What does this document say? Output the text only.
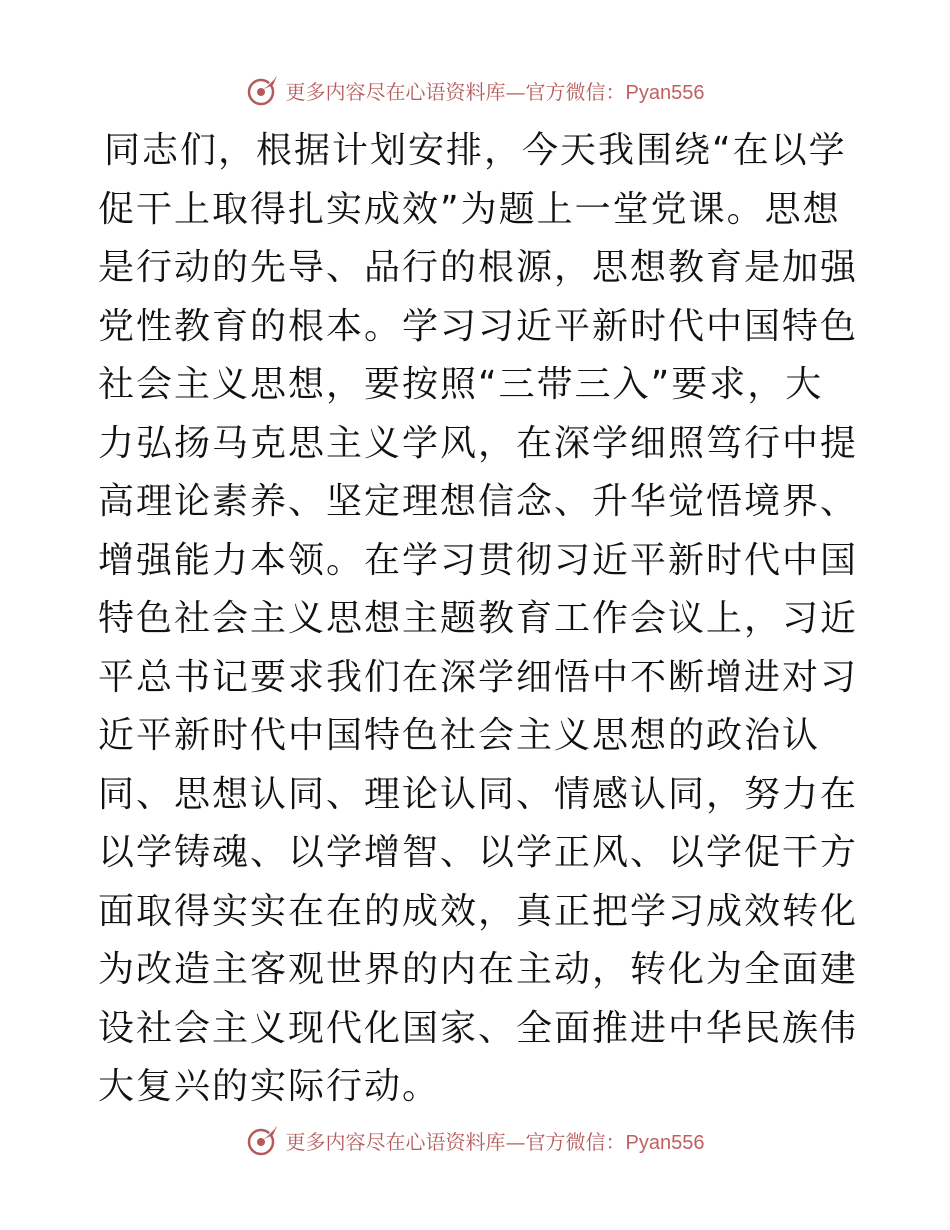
更多内容尽在心语资料库—官方微信：Pyan556

同志们，根据计划安排，今天我围绕“在以学促干上取得扎实成效”为题上一堂党课。思想是行动的先导、品行的根源，思想教育是加强党性教育的根本。学习习近平新时代中国特色社会主义思想，要按照“三带三入”要求，大力弘扬马克思主义学风，在深学细照笃行中提高理论素养、坚定理想信念、升华觉悟境界、增强能力本领。在学习贯彻习近平新时代中国特色社会主义思想主题教育工作会议上，习近平总书记要求我们在深学细悟中不断增进对习近平新时代中国特色社会主义思想的政治认同、思想认同、理论认同、情感认同，努力在以学铸魂、以学增智、以学正风、以学促干方面取得实实在在的成效，真正把学习成效转化为改造主客观世界的内在主动，转化为全面建设社会主义现代化国家、全面推进中华民族伟大复兴的实际行动。

更多内容尽在心语资料库—官方微信：Pyan556
